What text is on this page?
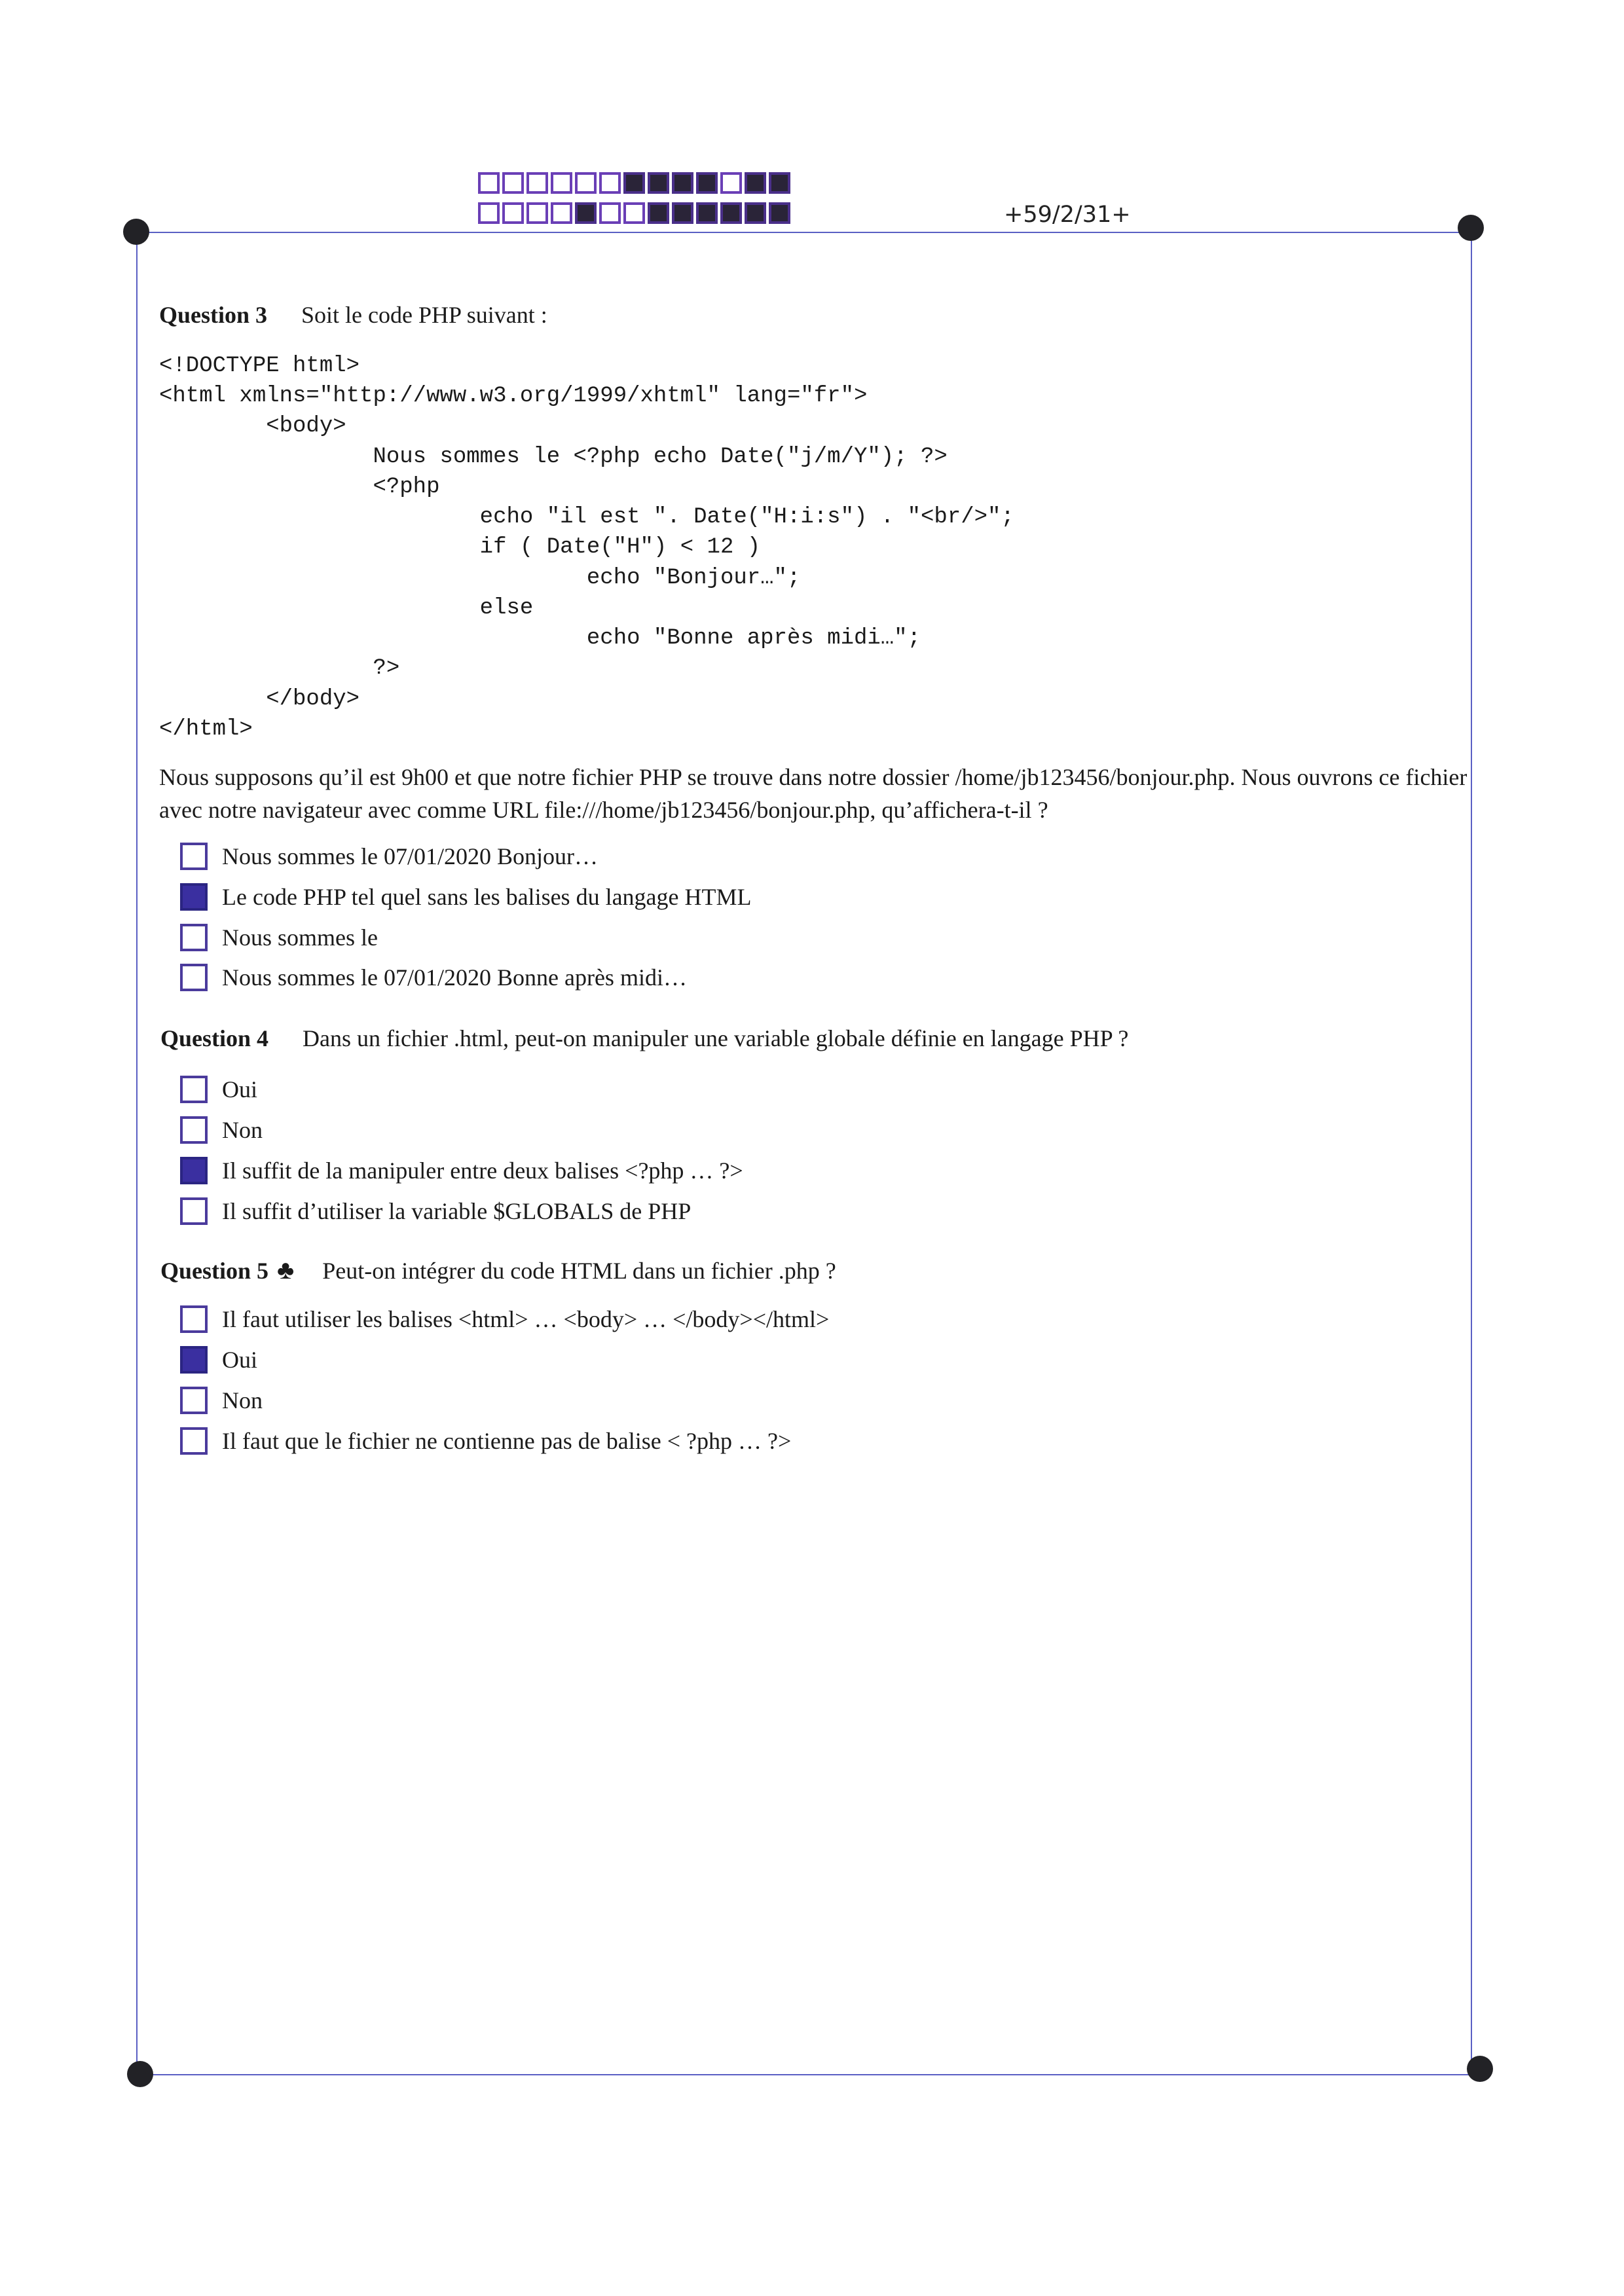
+59/2/31+
Question 3 Soit le code PHP suivant :
<!DOCTYPE html>
<html xmlns="http://www.w3.org/1999/xhtml" lang="fr">
<body>
Nous sommes le <?php echo Date("j/m/Y"); ?>
<?php
echo "il est ". Date("H:i:s") . "<br/>";
if ( Date("H") < 12 )
echo "Bonjour…";
else
echo "Bonne après midi…";
?>
</body>
</html>
Nous supposons qu’il est 9h00 et que notre fichier PHP se trouve dans notre dossier /home/jb123456/bonjour.php. Nous ouvrons ce fichier avec notre navigateur avec comme URL file:///home/jb123456/bonjour.php, qu’affichera-t-il ?
Nous sommes le 07/01/2020 Bonjour…
Le code PHP tel quel sans les balises du langage HTML
Nous sommes le
Nous sommes le 07/01/2020 Bonne après midi…
Question 4 Dans un fichier .html, peut-on manipuler une variable globale définie en langage PHP ?
Oui
Non
Il suffit de la manipuler entre deux balises <?php … ?>
Il suffit d’utiliser la variable $GLOBALS de PHP
Question 5 ♣ Peut-on intégrer du code HTML dans un fichier .php ?
Il faut utiliser les balises <html> … <body> … </body></html>
Oui
Non
Il faut que le fichier ne contienne pas de balise < ?php … ?>
